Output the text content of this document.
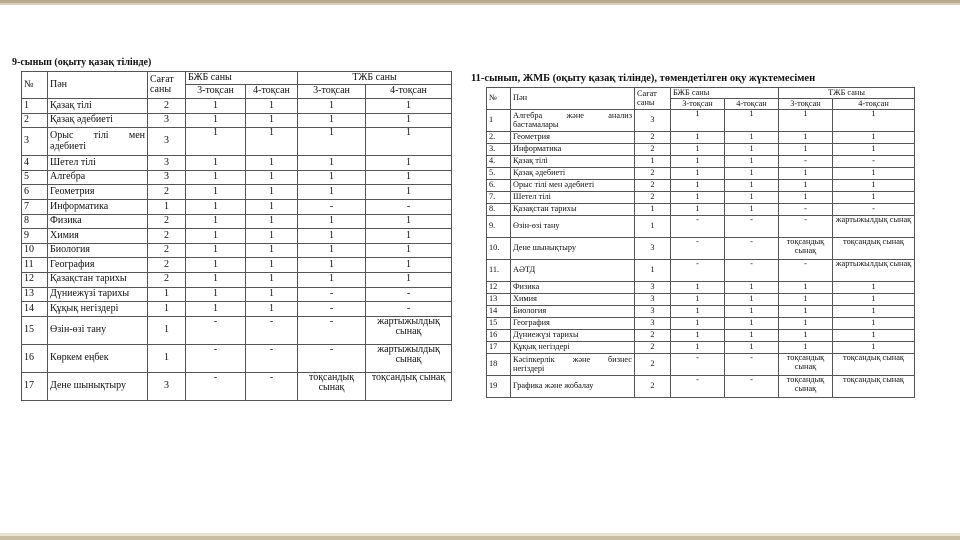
9-сынып (оқыту қазақ тілінде)
№	Пән	Сағат саны	БЖБ саны		ТЖБ саны	
			3-тоқсан	4-тоқсан	3-тоқсан	4-тоқсан
1	Қазақ тілі	2	1	1	1	1
2	Қазақ әдебиеті	3	1	1	1	1
3	Орыс тілі мен әдебиеті	3	1	1	1	1
4	Шетел тілі	3	1	1	1	1
5	Алгебра	3	1	1	1	1
6	Геометрия	2	1	1	1	1
7	Информатика	1	1	1	-	-
8	Физика	2	1	1	1	1
9	Химия	2	1	1	1	1
10	Биология	2	1	1	1	1
11	География	2	1	1	1	1
12	Қазақстан тарихы	2	1	1	1	1
13	Дүниежүзі тарихы	1	1	1	-	-
14	Құқық негіздері	1	1	1	-	-
15	Өзін-өзі тану	1	-	-	-	жартыжылдық сынақ
16	Көркем еңбек	1	-	-	-	жартыжылдық сынақ
17	Дене шынықтыру	3	-	-	тоқсандық сынақ	тоқсандық сынақ
11-сынып, ЖМБ (оқыту қазақ тілінде), төмендетілген оқу жүктемесімен
№	Пән	Сағат саны	БЖБ саны		ТЖБ саны	
			3-тоқсан	4-тоқсан	3-тоқсан	4-тоқсан
1	Алгебра және анализ бастамалары	3	1	1	1	1
2.	Геометрия	2	1	1	1	1
3.	Информатика	2	1	1	1	1
4.	Қазақ тілі	1	1	1	-	-
5.	Қазақ әдебиеті	2	1	1	1	1
6.	Орыс тілі мен әдебиеті	2	1	1	1	1
7.	Шетел тілі	2	1	1	1	1
8.	Қазақстан тарихы	1	1	1	-	-
9.	Өзін-өзі тану	1	-	-	-	жартыжылдық сынақ
10.	Дене шынықтыру	3	-	-	тоқсандық сынақ	тоқсандық сынақ
11.	АӘТД	1	-	-	-	жартыжылдық сынақ
12	Физика	3	1	1	1	1
13	Химия	3	1	1	1	1
14	Биология	3	1	1	1	1
15	География	3	1	1	1	1
16	Дүниежүзі тарихы	2	1	1	1	1
17	Құқық негіздері	2	1	1	1	1
18	Кәсіпкерлік және бизнес негіздері	2	-	-	тоқсандық сынақ	тоқсандық сынақ
19	Графика және жобалау	2	-	-	тоқсандық сынақ	тоқсандық сынақ
